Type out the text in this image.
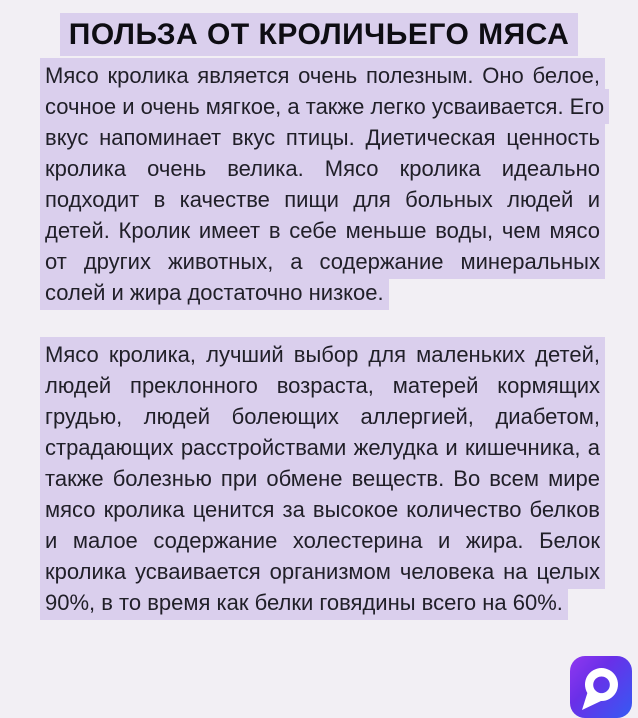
ПОЛЬЗА ОТ КРОЛИЧЬЕГО МЯСА

Мясо кролика является очень полезным. Оно белое, сочное и очень мягкое, а также легко усваивается. Его вкус напоминает вкус птицы. Диетическая ценность кролика очень велика. Мясо кролика идеально подходит в качестве пищи для больных людей и детей. Кролик имеет в себе меньше воды, чем мясо от других животных, а содержание минеральных солей и жира достаточно низкое.

Мясо кролика, лучший выбор для маленьких детей, людей преклонного возраста, матерей кормящих грудью, людей болеющих аллергией, диабетом, страдающих расстройствами желудка и кишечника, а также болезнью при обмене веществ. Во всем мире мясо кролика ценится за высокое количество белков и малое содержание холестерина и жира. Белок кролика усваивается организмом человека на целых 90%, в то время как белки говядины всего на 60%.
